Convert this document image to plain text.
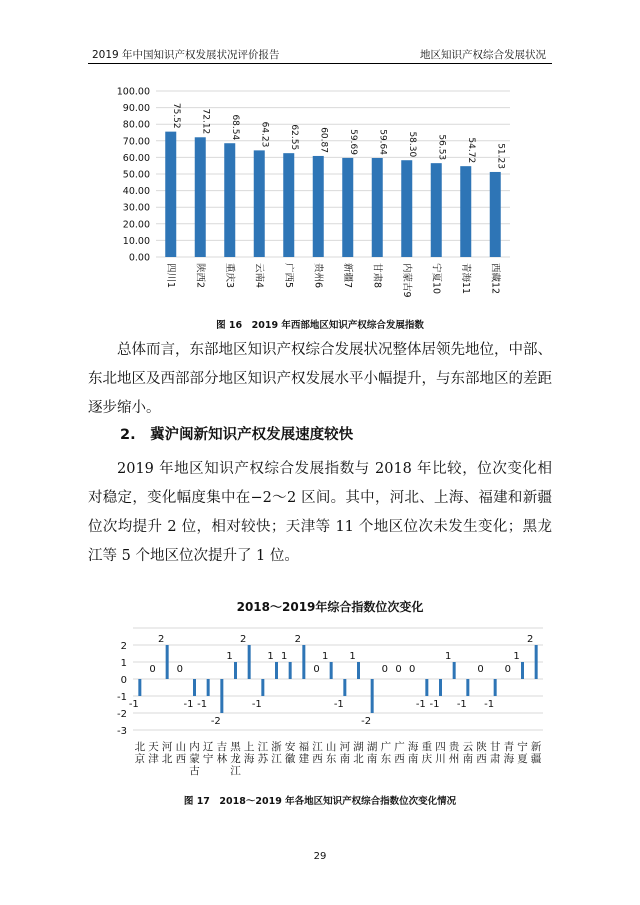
2019 年中国知识产权发展状况评价报告	地区知识产权综合发展状况
0.00
10.00
20.00
30.00
40.00
50.00
60.00
70.00
80.00
90.00
100.00
75.52
四川1
72.12
陕西2
68.54
重庆3
64.23
云南4
62.55
广西5
60.87
贵州6
59.69
新疆7
59.64
甘肃8
58.30
内蒙古9
56.53
宁夏10
54.72
青海11
51.23
西藏12
图 16　2019 年西部地区知识产权综合发展指数

总体而言，东部地区知识产权综合发展状况整体居领先地位，中部、东北地区及西部部分地区知识产权发展水平小幅提升，与东部地区的差距逐步缩小。

2.　冀沪闽新知识产权发展速度较快

2019 年地区知识产权综合发展指数与 2018 年比较，位次变化相对稳定，变化幅度集中在−2～2 区间。其中，河北、上海、福建和新疆位次均提升 2 位，相对较快；天津等 11 个地区位次未发生变化；黑龙江等 5 个地区位次提升了 1 位。

2018～2019年综合指数位次变化
-3
-2
-1
0
1
2
-1
北
京
0
天
津
2
河
北
0
山
西
-1
内
蒙
古
-1
辽
宁
-2
吉
林
1
黑
龙
江
2
上
海
-1
江
苏
1
浙
江
1
安
徽
2
福
建
0
江
西
1
山
东
-1
河
南
1
湖
北
-2
湖
南
0
广
东
0
广
西
0
海
南
-1
重
庆
-1
四
川
1
贵
州
-1
云
南
0
陕
西
-1
甘
肃
0
青
海
1
宁
夏
2
新
疆
图 17　2018～2019 年各地区知识产权综合指数位次变化情况
29
